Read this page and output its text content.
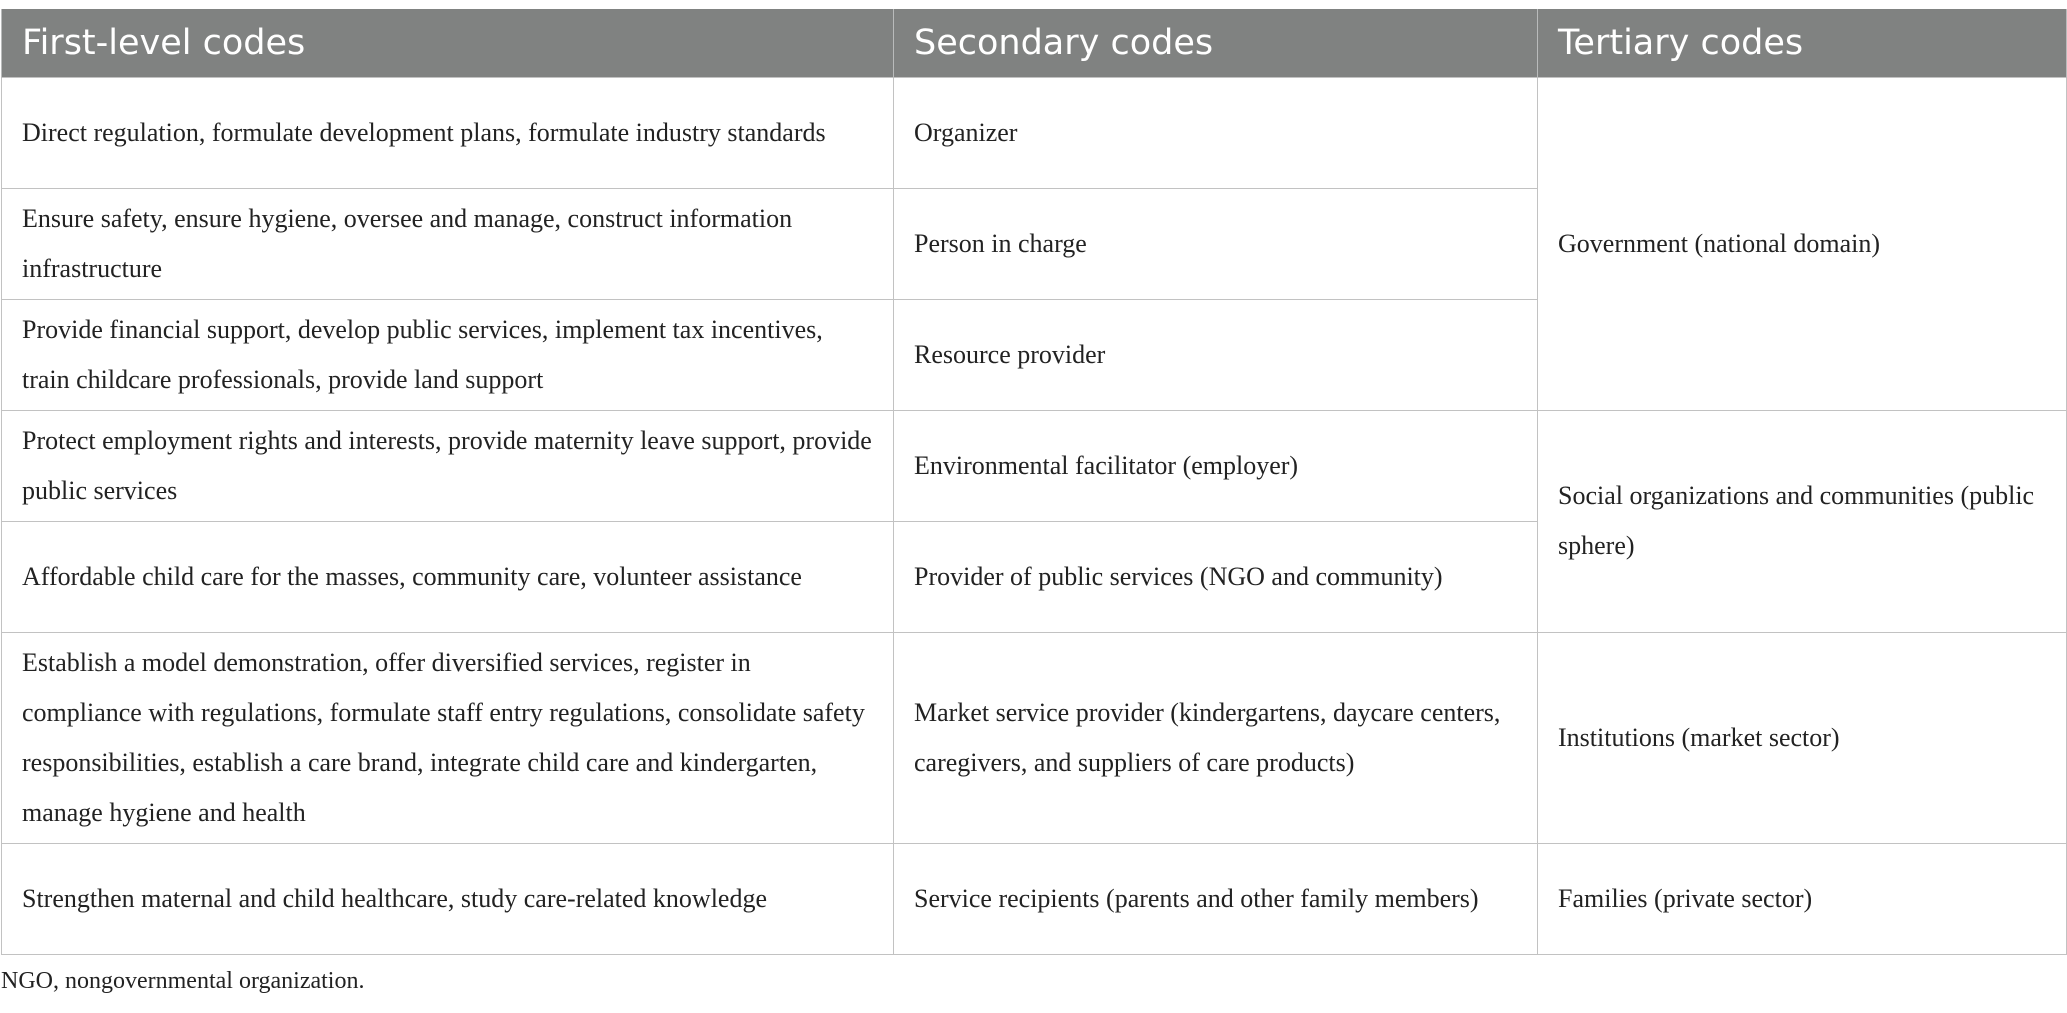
First-level codes	Secondary codes	Tertiary codes
Direct regulation, formulate development plans, formulate industry standards	Organizer	Government (national domain)
Ensure safety, ensure hygiene, oversee and manage, construct information infrastructure	Person in charge	
Provide financial support, develop public services, implement tax incentives, train childcare professionals, provide land support	Resource provider	
Protect employment rights and interests, provide maternity leave support, provide public services	Environmental facilitator (employer)	Social organizations and communities (public sphere)
Affordable child care for the masses, community care, volunteer assistance	Provider of public services (NGO and community)	
Establish a model demonstration, offer diversified services, register in compliance with regulations, formulate staff entry regulations, consolidate safety responsibilities, establish a care brand, integrate child care and kindergarten, manage hygiene and health	Market service provider (kindergartens, daycare centers, caregivers, and suppliers of care products)	Institutions (market sector)
Strengthen maternal and child healthcare, study care-related knowledge	Service recipients (parents and other family members)	Families (private sector)

NGO, nongovernmental organization.
